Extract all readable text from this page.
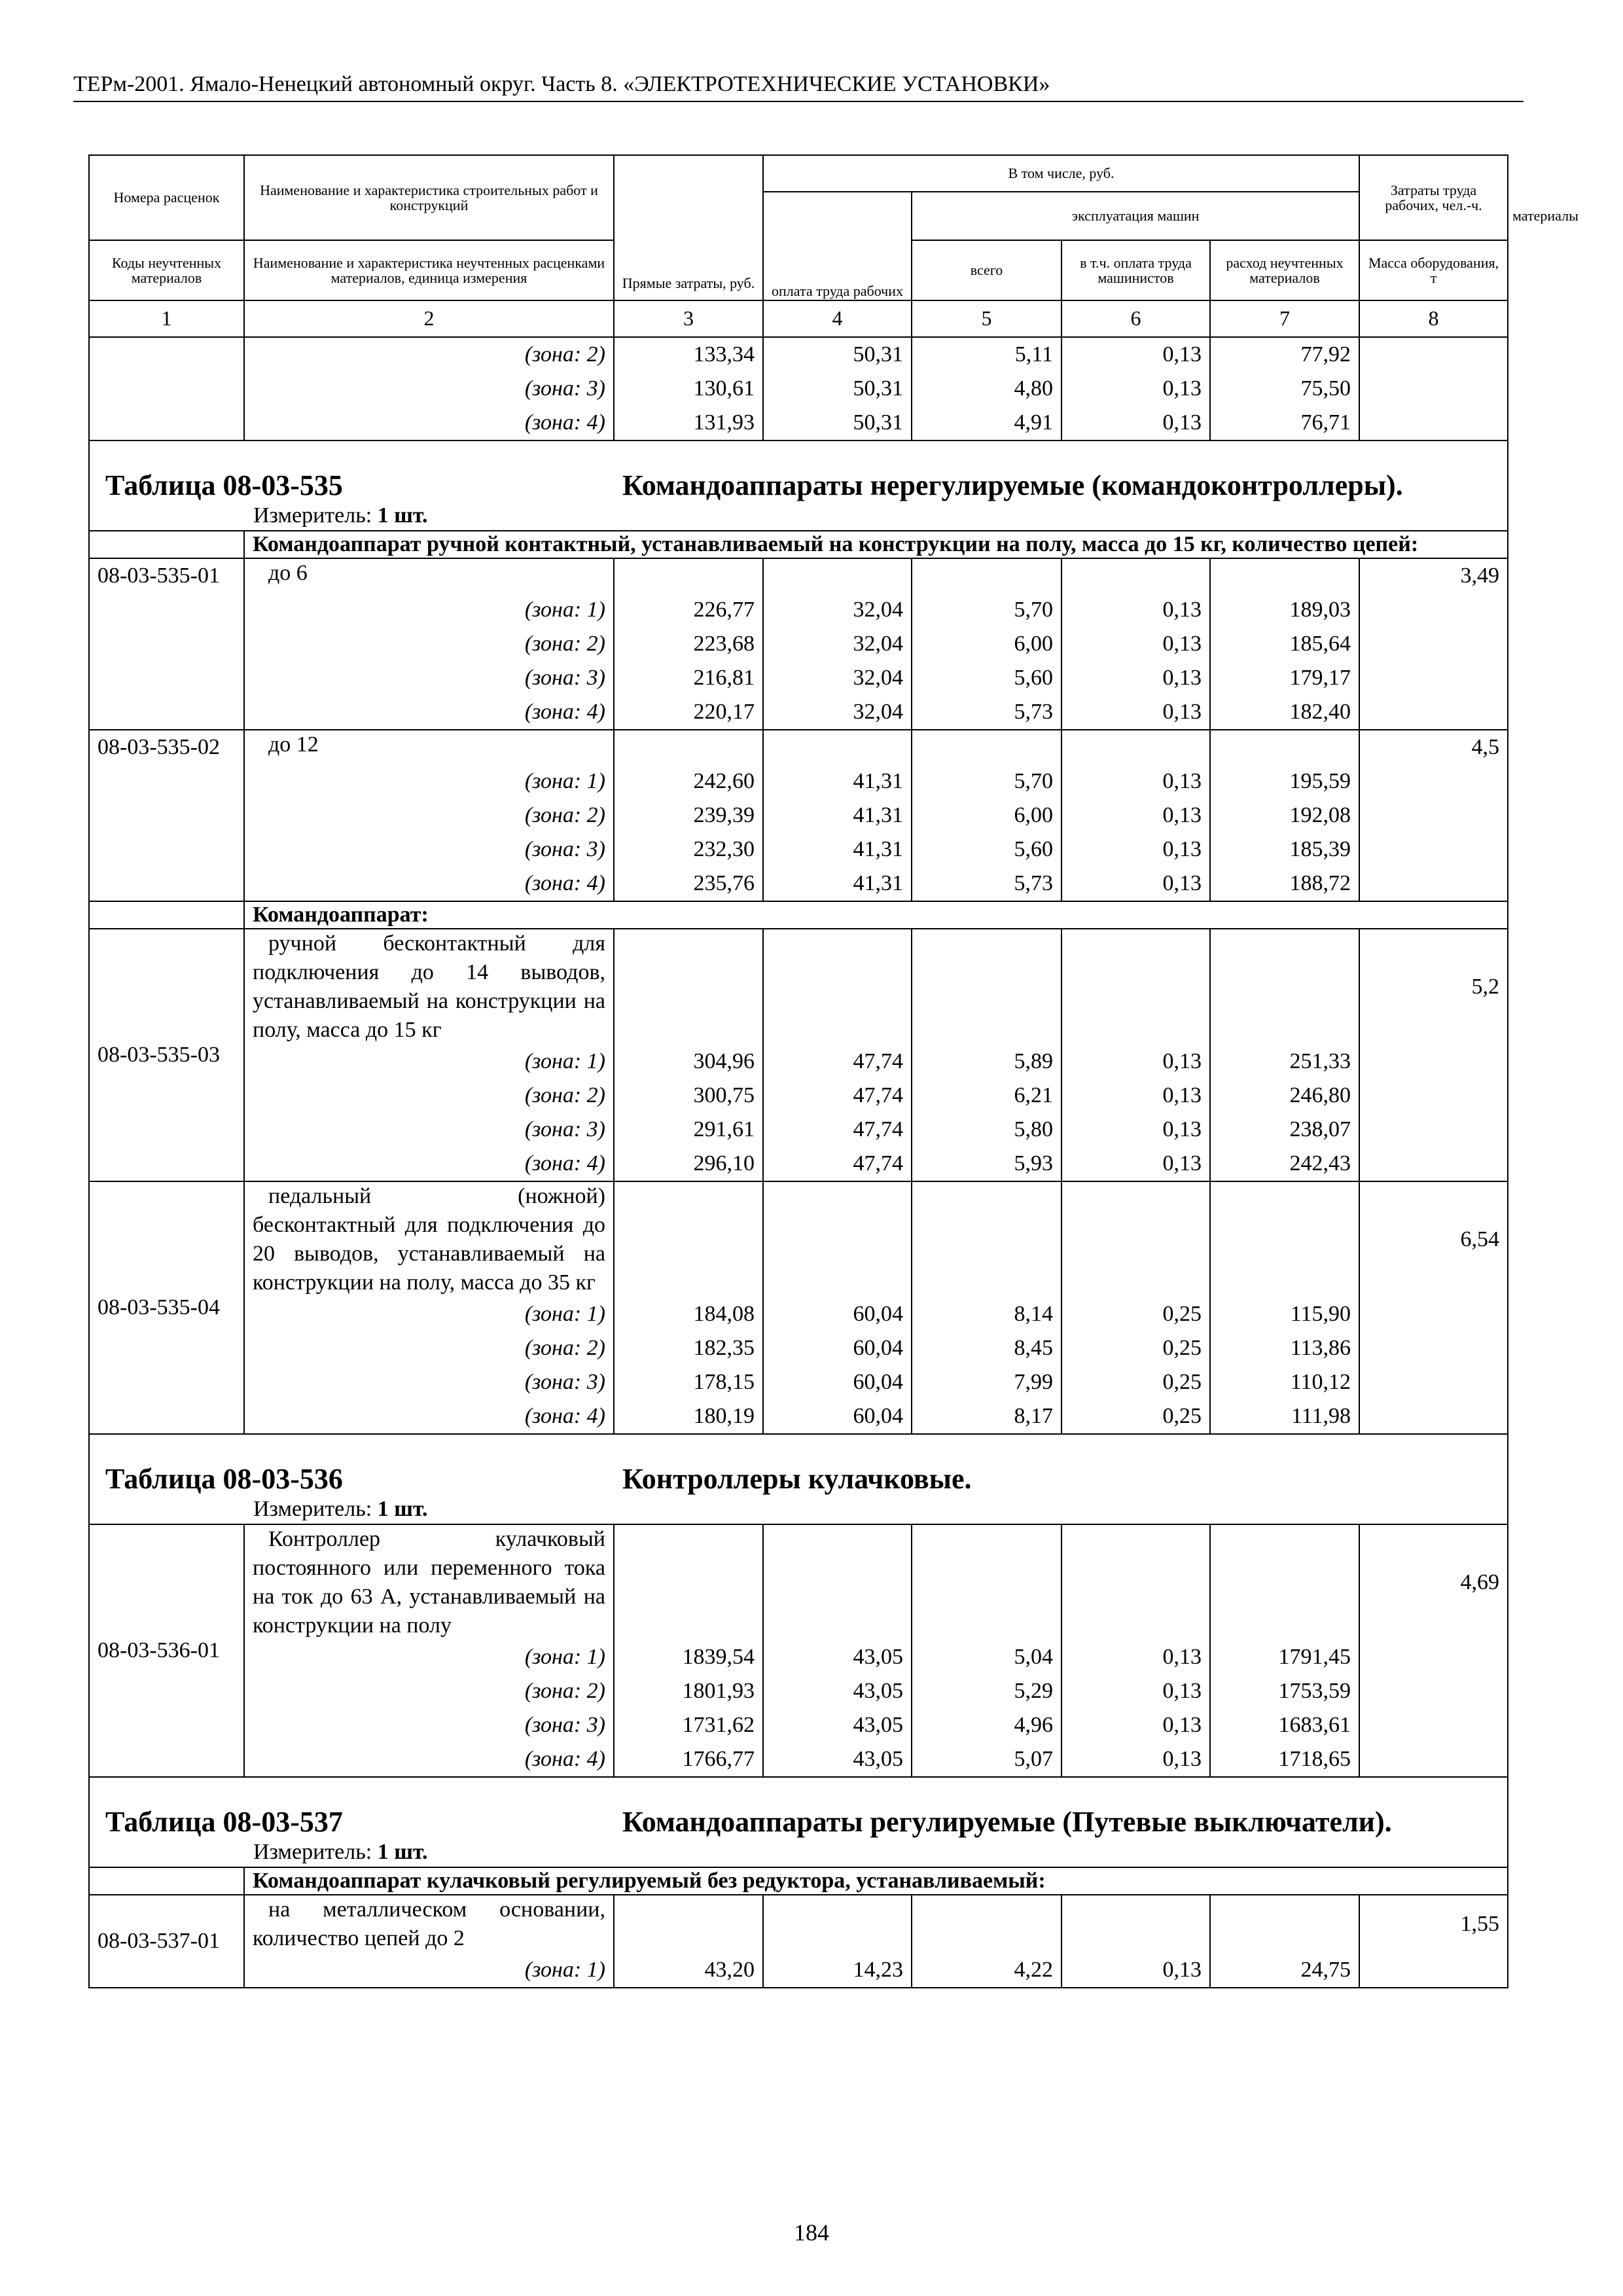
ТЕРм-2001. Ямало-Ненецкий автономный округ. Часть 8. «ЭЛЕКТРОТЕХНИЧЕСКИЕ УСТАНОВКИ»
Номера расценок	Наименование и характеристика строительных работ и конструкций	Прямые затраты, руб.	В том числе, руб.				Затраты труда рабочих, чел.-ч.	
			оплата труда рабочих	эксплуатация машин				материалы
Коды неучтенных материалов	Наименование и характеристика неучтенных расценками материалов, единица измерения			всего	в т.ч. оплата труда машинистов	расход неучтенных материалов	Масса оборудования, т	
1	2	3	4	5	6	7	8	
	(зона: 2)	133,34	50,31	5,11	0,13	77,92		
	(зона: 3)	130,61	50,31	4,80	0,13	75,50		
	(зона: 4)	131,93	50,31	4,91	0,13	76,71		
Таблица 08-03-535 Командоаппараты нерегулируемые (командоконтроллеры).								
Измеритель: 1 шт.								
	Командоаппарат ручной контактный, устанавливаемый на конструкции на полу, масса до 15 кг, количество цепей:							
08-03-535-01	до 6						3,49	
	(зона: 1)	226,77	32,04	5,70	0,13	189,03		
	(зона: 2)	223,68	32,04	6,00	0,13	185,64		
	(зона: 3)	216,81	32,04	5,60	0,13	179,17		
	(зона: 4)	220,17	32,04	5,73	0,13	182,40		
08-03-535-02	до 12						4,5	
	(зона: 1)	242,60	41,31	5,70	0,13	195,59		
	(зона: 2)	239,39	41,31	6,00	0,13	192,08		
	(зона: 3)	232,30	41,31	5,60	0,13	185,39		
	(зона: 4)	235,76	41,31	5,73	0,13	188,72		
	Командоаппарат:							
08-03-535-03	ручной бесконтактный для подключения до 14 выводов, устанавливаемый на конструкции на полу, масса до 15 кг						5,2	
	(зона: 1)	304,96	47,74	5,89	0,13	251,33		
	(зона: 2)	300,75	47,74	6,21	0,13	246,80		
	(зона: 3)	291,61	47,74	5,80	0,13	238,07		
	(зона: 4)	296,10	47,74	5,93	0,13	242,43		
08-03-535-04	педальный (ножной) бесконтактный для подключения до 20 выводов, устанавливаемый на конструкции на полу, масса до 35 кг						6,54	
	(зона: 1)	184,08	60,04	8,14	0,25	115,90		
	(зона: 2)	182,35	60,04	8,45	0,25	113,86		
	(зона: 3)	178,15	60,04	7,99	0,25	110,12		
	(зона: 4)	180,19	60,04	8,17	0,25	111,98		
Таблица 08-03-536 Контроллеры кулачковые.								
Измеритель: 1 шт.								
08-03-536-01	Контроллер кулачковый постоянного или переменного тока на ток до 63 А, устанавливаемый на конструкции на полу						4,69	
	(зона: 1)	1839,54	43,05	5,04	0,13	1791,45		
	(зона: 2)	1801,93	43,05	5,29	0,13	1753,59		
	(зона: 3)	1731,62	43,05	4,96	0,13	1683,61		
	(зона: 4)	1766,77	43,05	5,07	0,13	1718,65		
Таблица 08-03-537 Командоаппараты регулируемые (Путевые выключатели).								
Измеритель: 1 шт.								
	Командоаппарат кулачковый регулируемый без редуктора, устанавливаемый:							
08-03-537-01	на металлическом основании, количество цепей до 2						1,55	
	(зона: 1)	43,20	14,23	4,22	0,13	24,75		
184
